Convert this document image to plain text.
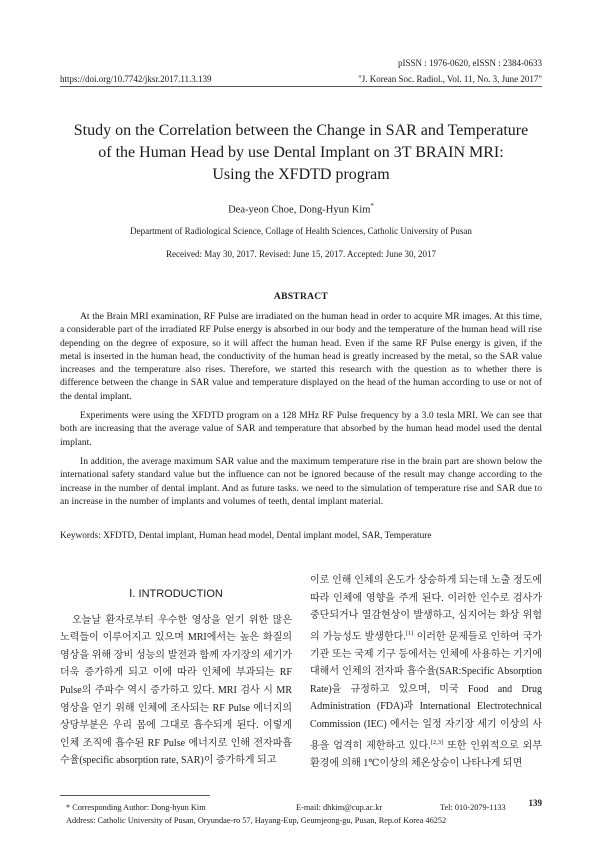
pISSN : 1976-0620, eISSN : 2384-0633
https://doi.org/10.7742/jksr.2017.11.3.139	"J. Korean Soc. Radiol., Vol. 11, No. 3, June 2017"
Study on the Correlation between the Change in SAR and Temperature
of the Human Head by use Dental Implant on 3T BRAIN MRI:
Using the XFDTD program
Dea-yeon Choe, Dong-Hyun Kim*
Department of Radiological Science, Collage of Health Sciences, Catholic University of Pusan
Received: May 30, 2017. Revised: June 15, 2017. Accepted: June 30, 2017
ABSTRACT

At the Brain MRI examination, RF Pulse are irradiated on the human head in order to acquire MR images. At this time, a considerable part of the irradiated RF Pulse energy is absorbed in our body and the temperature of the human head will rise depending on the degree of exposure, so it will affect the human head. Even if the same RF Pulse energy is given, if the metal is inserted in the human head, the conductivity of the human head is greatly increased by the metal, so the SAR value increases and the temperature also rises. Therefore, we started this research with the question as to whether there is difference between the change in SAR value and temperature displayed on the head of the human according to use or not of the dental implant.

Experiments were using the XFDTD program on a 128 MHz RF Pulse frequency by a 3.0 tesla MRI. We can see that both are increasing that the average value of SAR and temperature that absorbed by the human head model used the dental implant.

In addition, the average maximum SAR value and the maximum temperature rise in the brain part are shown below the international safety standard value but the influence can not be ignored because of the result may change according to the increase in the number of dental implant. And as future tasks. we need to the simulation of temperature rise and SAR due to an increase in the number of implants and volumes of teeth, dental implant material.

Keywords: XFDTD, Dental implant, Human head model, Dental implant model, SAR, Temperature
Ⅰ. INTRODUCTION

오늘날 환자로부터 우수한 영상을 얻기 위한 많은 노력들이 이루어지고 있으며 MRI에서는 높은 화질의 영상을 위해 장비 성능의 발전과 함께 자기장의 세기가 더욱 증가하게 되고 이에 따라 인체에 부과되는 RF Pulse의 주파수 역시 증가하고 있다. MRI 검사 시 MR 영상을 얻기 위해 인체에 조사되는 RF Pulse 에너지의 상당부분은 우리 몸에 그대로 흡수되게 된다. 이렇게 인체 조직에 흡수된 RF Pulse 에너지로 인해 전자파흡수율(specific absorption rate, SAR)이 증가하게 되고

이로 인해 인체의 온도가 상승하게 되는데 노출 정도에 따라 인체에 영향을 주게 된다. 이러한 인수로 검사가 중단되거나 열감현상이 발생하고, 심지어는 화상 위험의 가능성도 발생한다.[1] 이러한 문제들로 인하여 국가기관 또는 국제 기구 등에서는 인체에 사용하는 기기에 대해서 인체의 전자파 흡수율(SAR:Specific Absorption Rate)을 규정하고 있으며, 미국 Food and Drug Administration (FDA)과 International Electrotechnical Commission (IEC) 에서는 일정 자기장 세기 이상의 사용을 엄격히 제한하고 있다.[2,3] 또한 인위적으로 외부 환경에 의해 1℃이상의 체온상승이 나타나게 되면

* Corresponding Author: Dong-hyun Kim	E-mail: dhkim@cup.ac.kr	Tel: 010-2079-1133
Address: Catholic University of Pusan, Oryundae-ro 57, Hayang-Eup, Geumjeong-gu, Pusan, Rep.of Korea 46252
139
